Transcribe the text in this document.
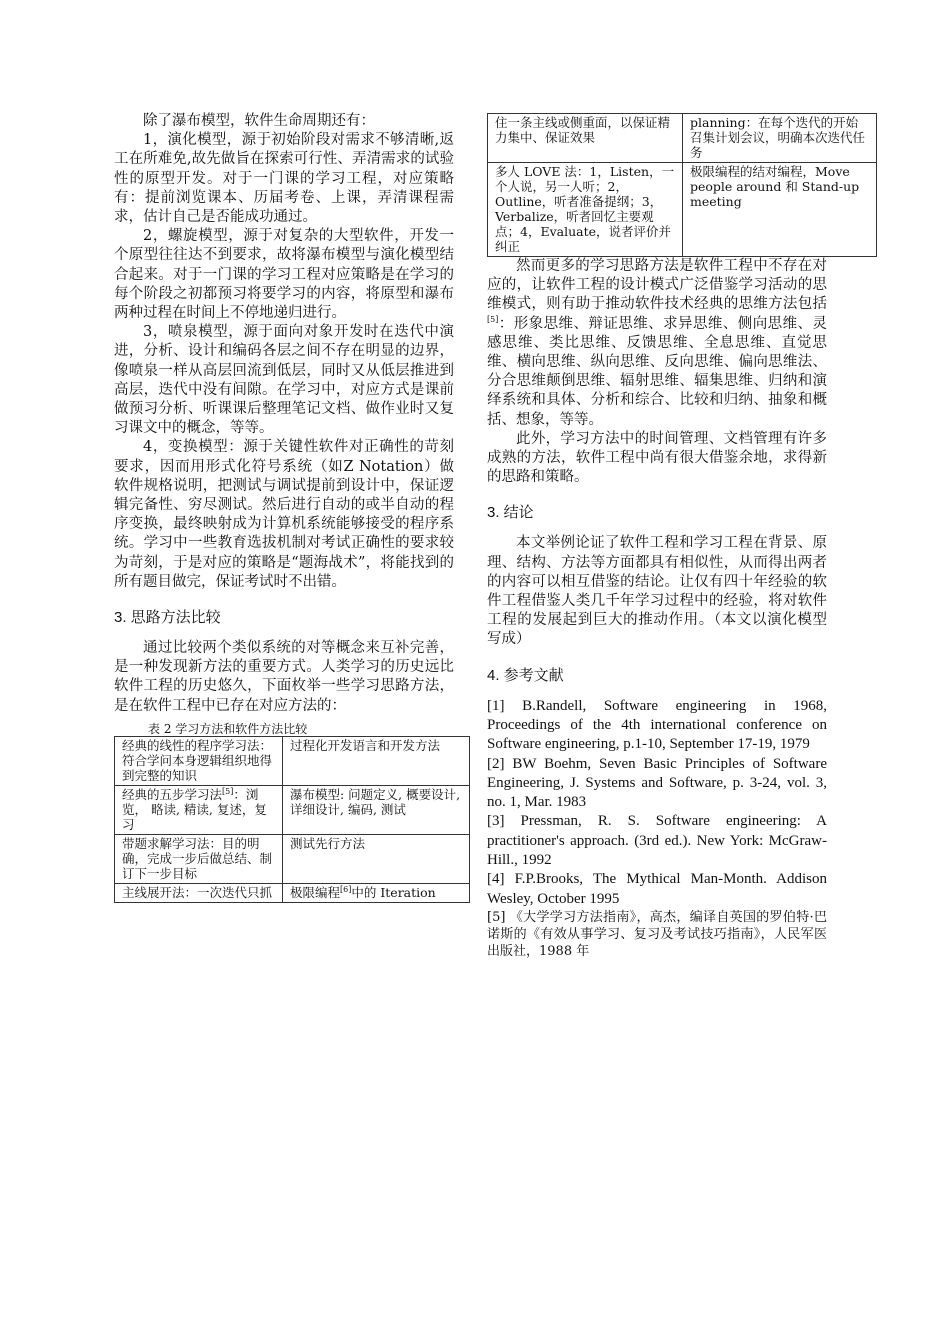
除了瀑布模型，软件生命周期还有：

1，演化模型，源于初始阶段对需求不够清晰,返工在所难免,故先做旨在探索可行性、弄清需求的试验性的原型开发。对于一门课的学习工程，对应策略有：提前浏览课本、历届考卷、上课，弄清课程需求，估计自己是否能成功通过。

2，螺旋模型，源于对复杂的大型软件，开发一个原型往往达不到要求，故将瀑布模型与演化模型结合起来。对于一门课的学习工程对应策略是在学习的每个阶段之初都预习将要学习的内容，将原型和瀑布两种过程在时间上不停地递归进行。

3，喷泉模型，源于面向对象开发时在迭代中演进，分析、设计和编码各层之间不存在明显的边界，像喷泉一样从高层回流到低层，同时又从低层推进到高层，迭代中没有间隙。在学习中，对应方式是课前做预习分析、听课课后整理笔记文档、做作业时又复习课文中的概念，等等。

4，变换模型：源于关键性软件对正确性的苛刻要求，因而用形式化符号系统（如Z Notation）做软件规格说明，把测试与调试提前到设计中，保证逻辑完备性、穷尽测试。然后进行自动的或半自动的程序变换，最终映射成为计算机系统能够接受的程序系统。学习中一些教育选拔机制对考试正确性的要求较为苛刻，于是对应的策略是“题海战术”，将能找到的所有题目做完，保证考试时不出错。

3. 思路方法比较

通过比较两个类似系统的对等概念来互补完善，是一种发现新方法的重要方式。人类学习的历史远比软件工程的历史悠久，下面枚举一些学习思路方法，是在软件工程中已存在对应方法的：

表 2 学习方法和软件方法比较
经典的线性的程序学习法：符合学问本身逻辑组织地得到完整的知识	过程化开发语言和开发方法
经典的五步学习法[5]：浏览， 略读, 精读, 复述，复习	瀑布模型: 问题定义, 概要设计, 详细设计, 编码, 测试

带题求解学习法：目的明确，完成一步后做总结、制订下一步目标	测试先行方法
主线展开法：一次迭代只抓	极限编程[6]中的 Iteration
住一条主线或侧重面，以保证精力集中、保证效果	planning：在每个迭代的开始召集计划会议，明确本次迭代任务
多人 LOVE 法：1，Listen，一个人说，另一人听；2，Outline，听者准备提纲；3，Verbalize，听者回忆主要观点；4，Evaluate，说者评价并纠正	极限编程的结对编程，Move people around 和 Stand-up meeting

然而更多的学习思路方法是软件工程中不存在对应的，让软件工程的设计模式广泛借鉴学习活动的思维模式，则有助于推动软件技术经典的思维方法包括[5]：形象思维、辩证思维、求异思维、侧向思维、灵感思维、类比思维、反馈思维、全息思维、直觉思维、横向思维、纵向思维、反向思维、偏向思维法、分合思维颠倒思维、辐射思维、辐集思维、归纳和演绎系统和具体、分析和综合、比较和归纳、抽象和概括、想象，等等。

此外，学习方法中的时间管理、文档管理有许多成熟的方法，软件工程中尚有很大借鉴余地，求得新的思路和策略。

3. 结论

本文举例论证了软件工程和学习工程在背景、原理、结构、方法等方面都具有相似性，从而得出两者的内容可以相互借鉴的结论。让仅有四十年经验的软件工程借鉴人类几千年学习过程中的经验，将对软件工程的发展起到巨大的推动作用。（本文以演化模型写成）

4. 参考文献

[1] B.Randell, Software engineering in 1968, Proceedings of the 4th international conference on Software engineering, p.1-10, September 17-19, 1979

[2] BW Boehm, Seven Basic Principles of Software Engineering, J. Systems and Software, p. 3-24, vol. 3, no. 1, Mar. 1983

[3] Pressman, R. S. Software engineering: A practitioner's approach. (3rd ed.). New York: McGraw-Hill., 1992

[4] F.P.Brooks, The Mythical Man-Month. Addison Wesley, October 1995

[5] 《大学学习方法指南》，高杰，编译自英国的罗伯特·巴诺斯的《有效从事学习、复习及考试技巧指南》，人民军医出版社，1988 年
